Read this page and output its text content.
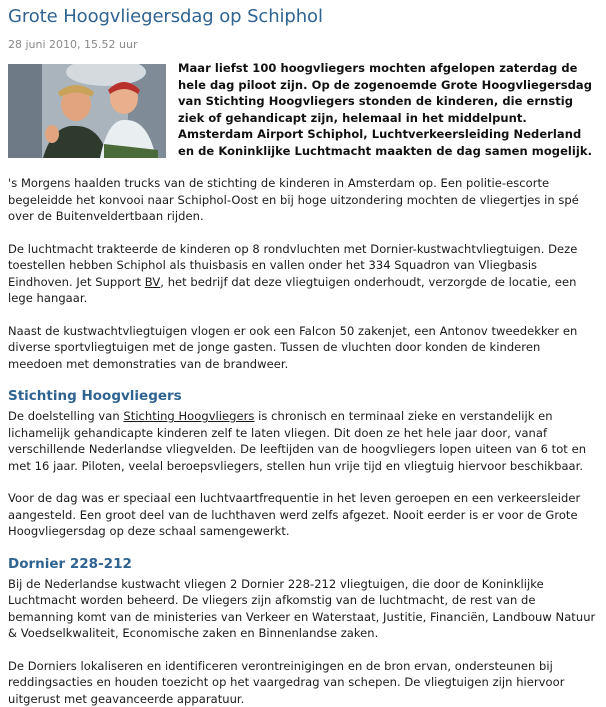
Grote Hoogvliegersdag op Schiphol
28 juni 2010, 15.52 uur

Maar liefst 100 hoogvliegers mochten afgelopen zaterdag de hele dag piloot zijn. Op de zogenoemde Grote Hoogvliegersdag van Stichting Hoogvliegers stonden de kinderen, die ernstig ziek of gehandicapt zijn, helemaal in het middelpunt. Amsterdam Airport Schiphol, Luchtverkeersleiding Nederland en de Koninklijke Luchtmacht maakten de dag samen mogelijk.

's Morgens haalden trucks van de stichting de kinderen in Amsterdam op. Een politie-escorte begeleidde het konvooi naar Schiphol-Oost en bij hoge uitzondering mochten de vliegertjes in spé over de Buitenveldertbaan rijden.

De luchtmacht trakteerde de kinderen op 8 rondvluchten met Dornier-kustwachtvliegtuigen. Deze toestellen hebben Schiphol als thuisbasis en vallen onder het 334 Squadron van Vliegbasis Eindhoven. Jet Support BV, het bedrijf dat deze vliegtuigen onderhoudt, verzorgde de locatie, een lege hangaar.

Naast de kustwachtvliegtuigen vlogen er ook een Falcon 50 zakenjet, een Antonov tweedekker en diverse sportvliegtuigen met de jonge gasten. Tussen de vluchten door konden de kinderen meedoen met demonstraties van de brandweer.

Stichting Hoogvliegers

De doelstelling van Stichting Hoogvliegers is chronisch en terminaal zieke en verstandelijk en lichamelijk gehandicapte kinderen zelf te laten vliegen. Dit doen ze het hele jaar door, vanaf verschillende Nederlandse vliegvelden. De leeftijden van de hoogvliegers lopen uiteen van 6 tot en met 16 jaar. Piloten, veelal beroepsvliegers, stellen hun vrije tijd en vliegtuig hiervoor beschikbaar.

Voor de dag was er speciaal een luchtvaartfrequentie in het leven geroepen en een verkeersleider aangesteld. Een groot deel van de luchthaven werd zelfs afgezet. Nooit eerder is er voor de Grote Hoogvliegersdag op deze schaal samengewerkt.

Dornier 228-212

Bij de Nederlandse kustwacht vliegen 2 Dornier 228-212 vliegtuigen, die door de Koninklijke Luchtmacht worden beheerd. De vliegers zijn afkomstig van de luchtmacht, de rest van de bemanning komt van de ministeries van Verkeer en Waterstaat, Justitie, Financiën, Landbouw Natuur & Voedselkwaliteit, Economische zaken en Binnenlandse zaken.

De Dorniers lokaliseren en identificeren verontreinigingen en de bron ervan, ondersteunen bij reddingsacties en houden toezicht op het vaargedrag van schepen. De vliegtuigen zijn hiervoor uitgerust met geavanceerde apparatuur.
